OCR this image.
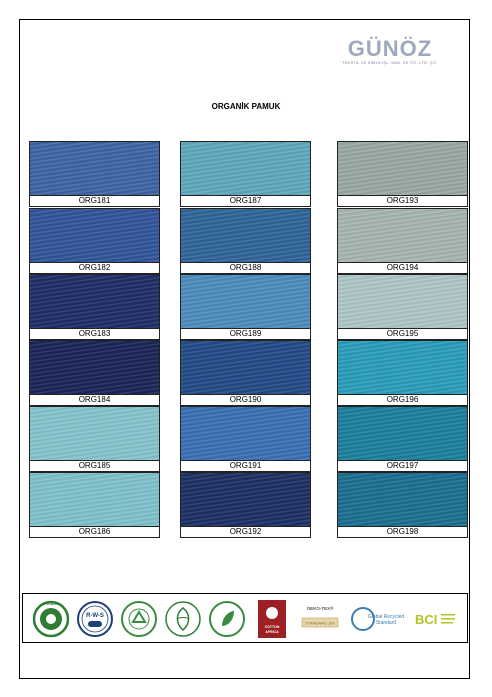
GÜNÖZ
TEKSTİL VE KİMYA İŞL. SAN. VE TİC. LTD. ŞTİ.
ORGANİK PAMUK
ORG181
ORG182
ORG183
ORG184
ORG185
ORG186
ORG187
ORG188
ORG189
ORG190
ORG191
ORG192
ORG193
ORG194
ORG195
ORG196
ORG197
ORG198
ORGANIC
R-W-S
COTTON
AFRICA
OEKO-TEX®
STANDARD 100
Global Recycled
Standard BCI
